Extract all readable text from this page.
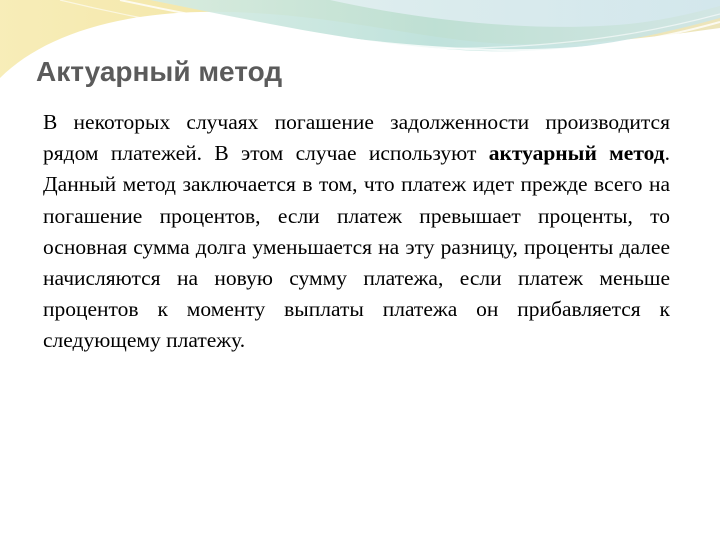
Актуарный метод

В некоторых случаях погашение задолженности производится рядом платежей. В этом случае используют актуарный метод. Данный метод заключается в том, что платеж идет прежде всего на погашение процентов, если платеж превышает проценты, то основная сумма долга уменьшается на эту разницу, проценты далее начисляются на новую сумму платежа, если платеж меньше процентов к моменту выплаты платежа он прибавляется к следующему платежу.
